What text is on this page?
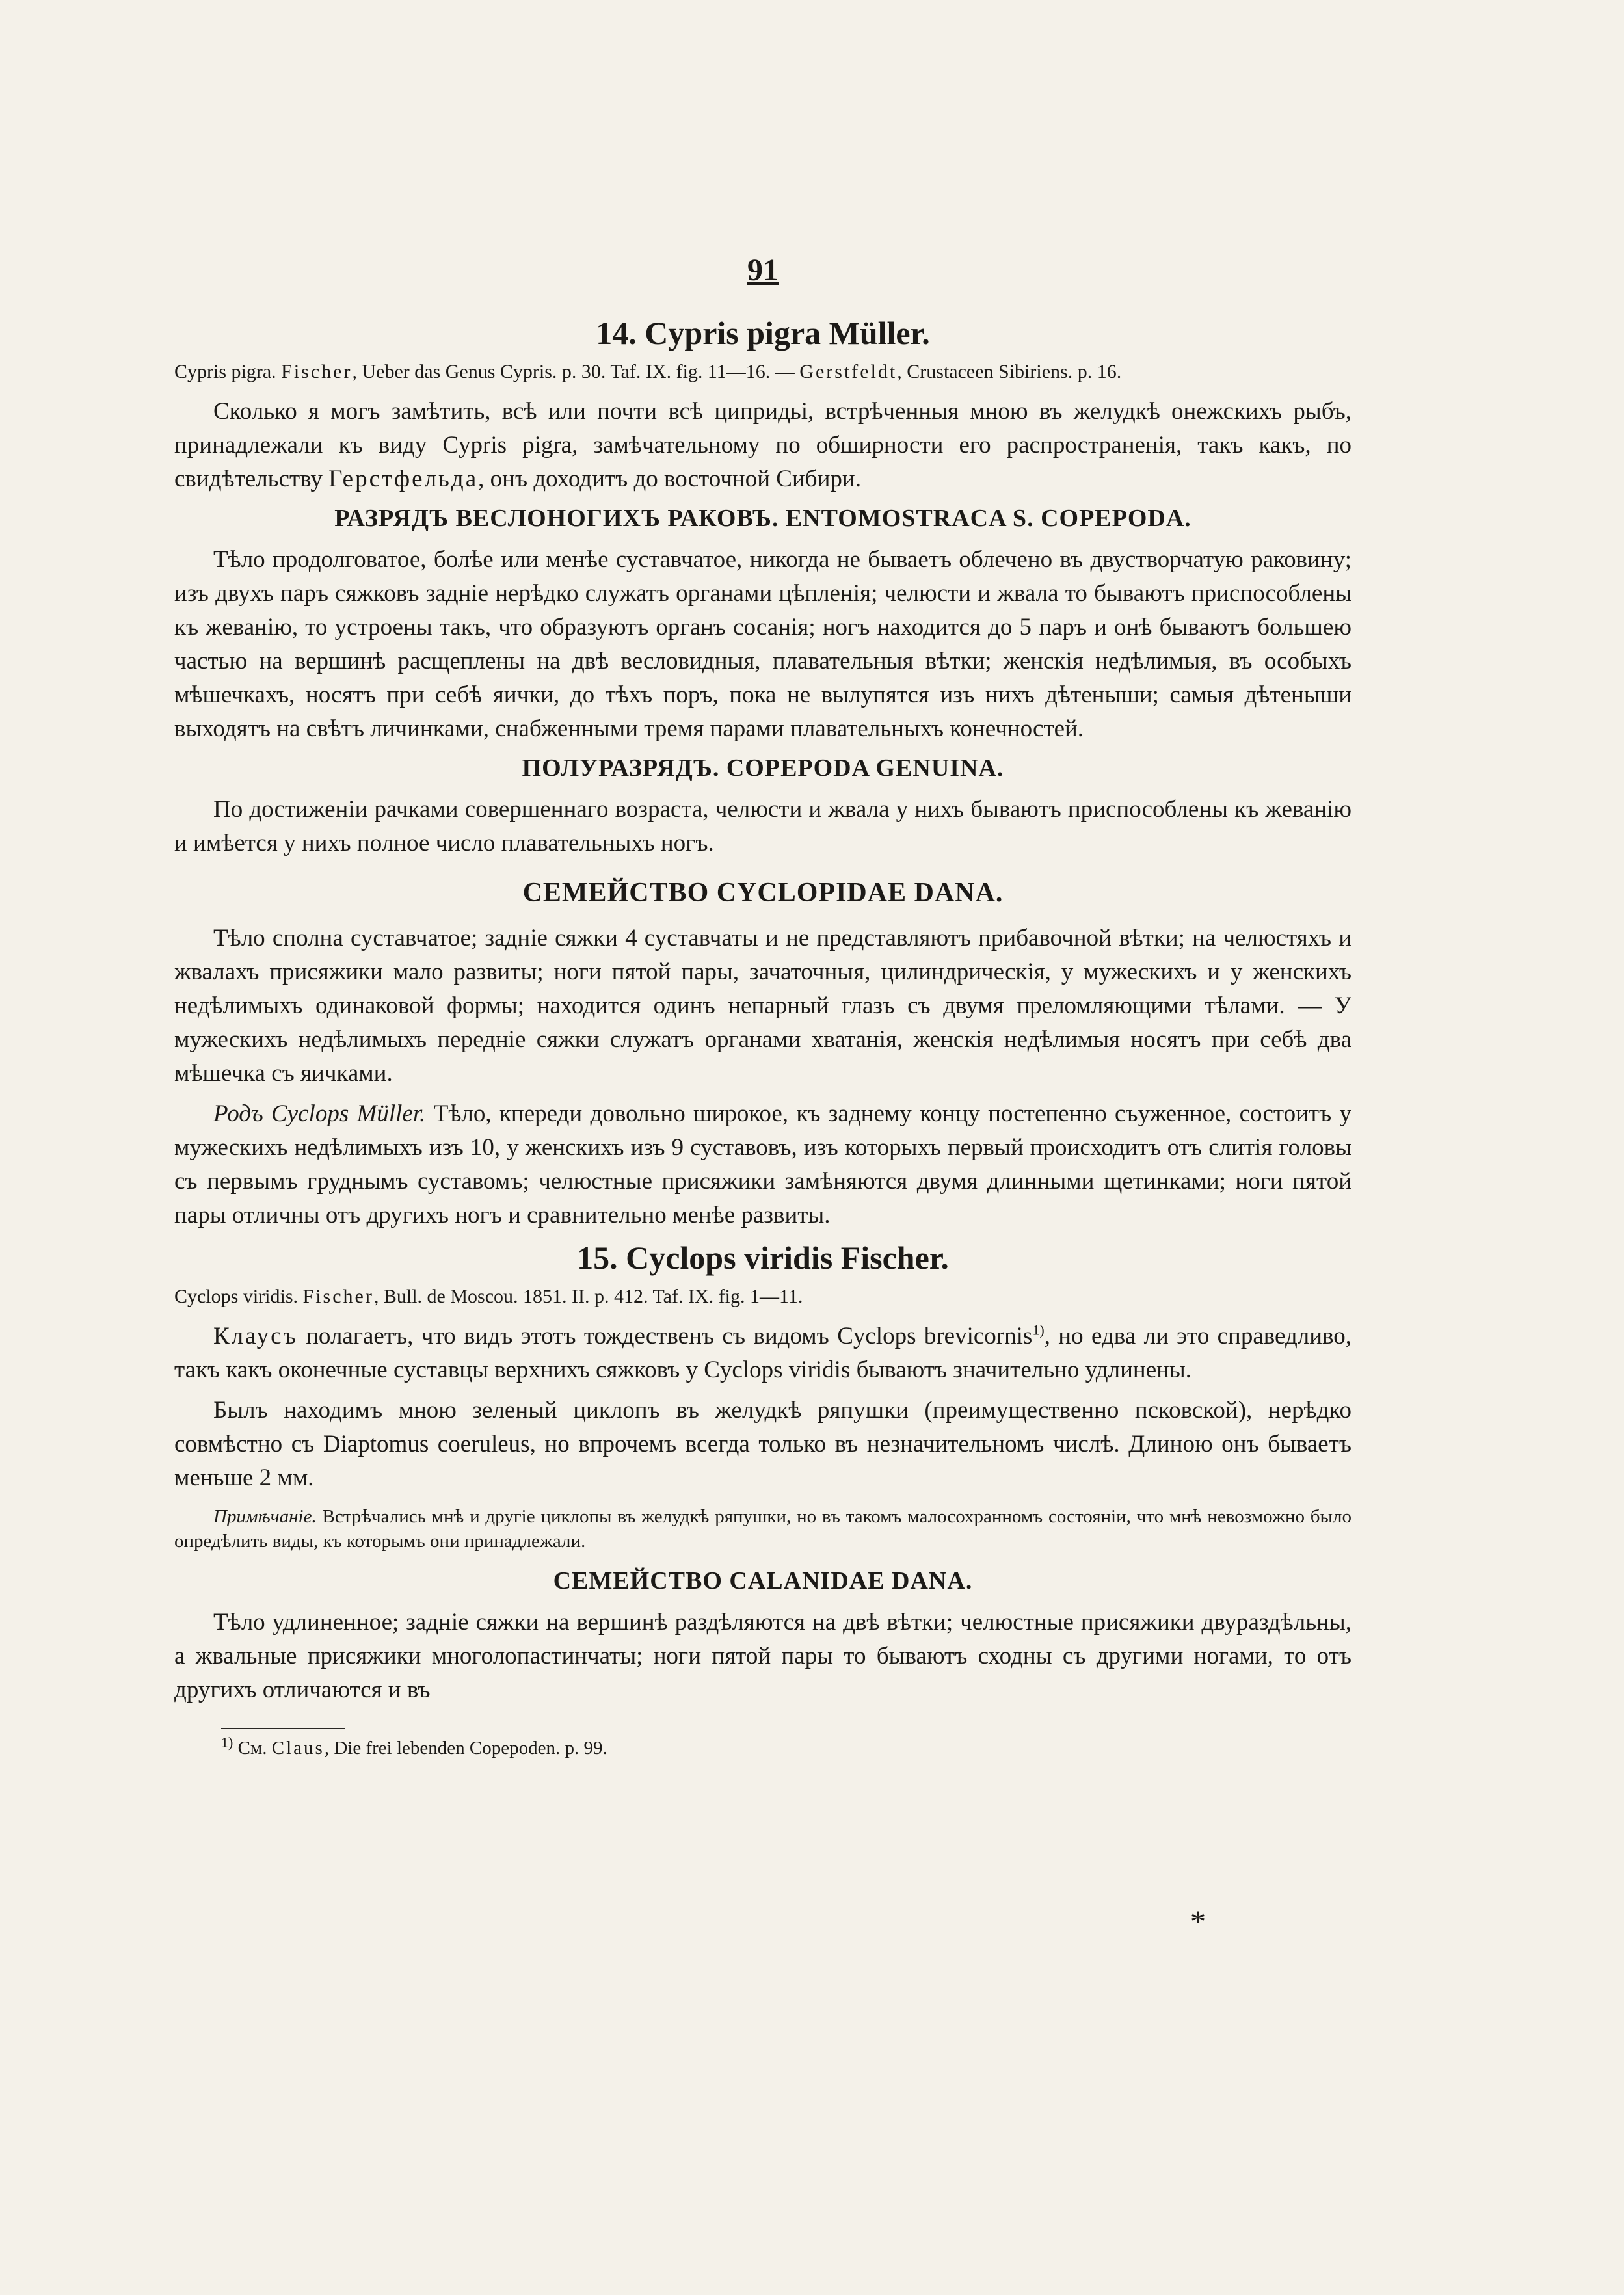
91
14. Cypris pigra Müller.

Cypris pigra. Fischer, Ueber das Genus Cypris. p. 30. Taf. IX. fig. 11—16. — Gerstfeldt, Crustaceen Sibiriens. p. 16.

Сколько я могъ замѣтить, всѣ или почти всѣ ципридьі, встрѣченныя мною въ желудкѣ онежскихъ рыбъ, принадлежали къ виду Cypris pigra, замѣчательному по обширности его распространенія, такъ какъ, по свидѣтельству Герстфельда, онъ доходитъ до восточной Сибири.

РАЗРЯДЪ ВЕСЛОНОГИХЪ РАКОВЪ. ENTOMOSTRACA S. COPEPODA.

Тѣло продолговатое, болѣе или менѣе суставчатое, никогда не бываетъ облечено въ двустворчатую раковину; изъ двухъ паръ сяжковъ задніе нерѣдко служатъ органами цѣпленія; челюсти и жвала то бываютъ приспособлены къ жеванію, то устроены такъ, что образуютъ органъ сосанія; ногъ находится до 5 паръ и онѣ бываютъ большею частью на вершинѣ расщеплены на двѣ весловидныя, плавательныя вѣтки; женскія недѣлимыя, въ особыхъ мѣшечкахъ, носятъ при себѣ яички, до тѣхъ поръ, пока не вылупятся изъ нихъ дѣтеныши; самыя дѣтеныши выходятъ на свѣтъ личинками, снабженными тремя парами плавательныхъ конечностей.

ПОЛУРАЗРЯДЪ. COPEPODA GENUINA.

По достиженіи рачками совершеннаго возраста, челюсти и жвала у нихъ бываютъ приспособлены къ жеванію и имѣется у нихъ полное число плавательныхъ ногъ.

СЕМЕЙСТВО CYCLOPIDAE DANA.

Тѣло сполна суставчатое; задніе сяжки 4 суставчаты и не представляютъ прибавочной вѣтки; на челюстяхъ и жвалахъ присяжики мало развиты; ноги пятой пары, зачаточныя, цилиндрическія, у мужескихъ и у женскихъ недѣлимыхъ одинаковой формы; находится одинъ непарный глазъ съ двумя преломляющими тѣлами. — У мужескихъ недѣлимыхъ передніе сяжки служатъ органами хватанія, женскія недѣлимыя носятъ при себѣ два мѣшечка съ яичками.

Родъ Cyclops Müller. Тѣло, кпереди довольно широкое, къ заднему концу постепенно съуженное, состоитъ у мужескихъ недѣлимыхъ изъ 10, у женскихъ изъ 9 суставовъ, изъ которыхъ первый происходитъ отъ слитія головы съ первымъ груднымъ суставомъ; челюстные присяжики замѣняются двумя длинными щетинками; ноги пятой пары отличны отъ другихъ ногъ и сравнительно менѣе развиты.

15. Cyclops viridis Fischer.

Cyclops viridis. Fischer, Bull. de Moscou. 1851. II. p. 412. Taf. IX. fig. 1—11.

Клаусъ полагаетъ, что видъ этотъ тождественъ съ видомъ Cyclops brevicornis$^{1)}$, но едва ли это справедливо, такъ какъ оконечные суставцы верхнихъ сяжковъ у Cyclops viridis бываютъ значительно удлинены.

Былъ находимъ мною зеленый циклопъ въ желудкѣ ряпушки (преимущественно псковской), нерѣдко совмѣстно съ Diaptomus coeruleus, но впрочемъ всегда только въ незначительномъ числѣ. Длиною онъ бываетъ меньше 2 мм.

Примѣчаніе. Встрѣчались мнѣ и другіе циклопы въ желудкѣ ряпушки, но въ такомъ малосохранномъ состояніи, что мнѣ невозможно было опредѣлить виды, къ которымъ они принадлежали.

СЕМЕЙСТВО CALANIDAE DANA.

Тѣло удлиненное; задніе сяжки на вершинѣ раздѣляются на двѣ вѣтки; челюстные присяжики двураздѣльны, а жвальные присяжики многолопастинчаты; ноги пятой пары то бываютъ сходны съ другими ногами, то отъ другихъ отличаются и въ

$^{1)}$ См. Claus, Die frei lebenden Copepoden. p. 99.
*
